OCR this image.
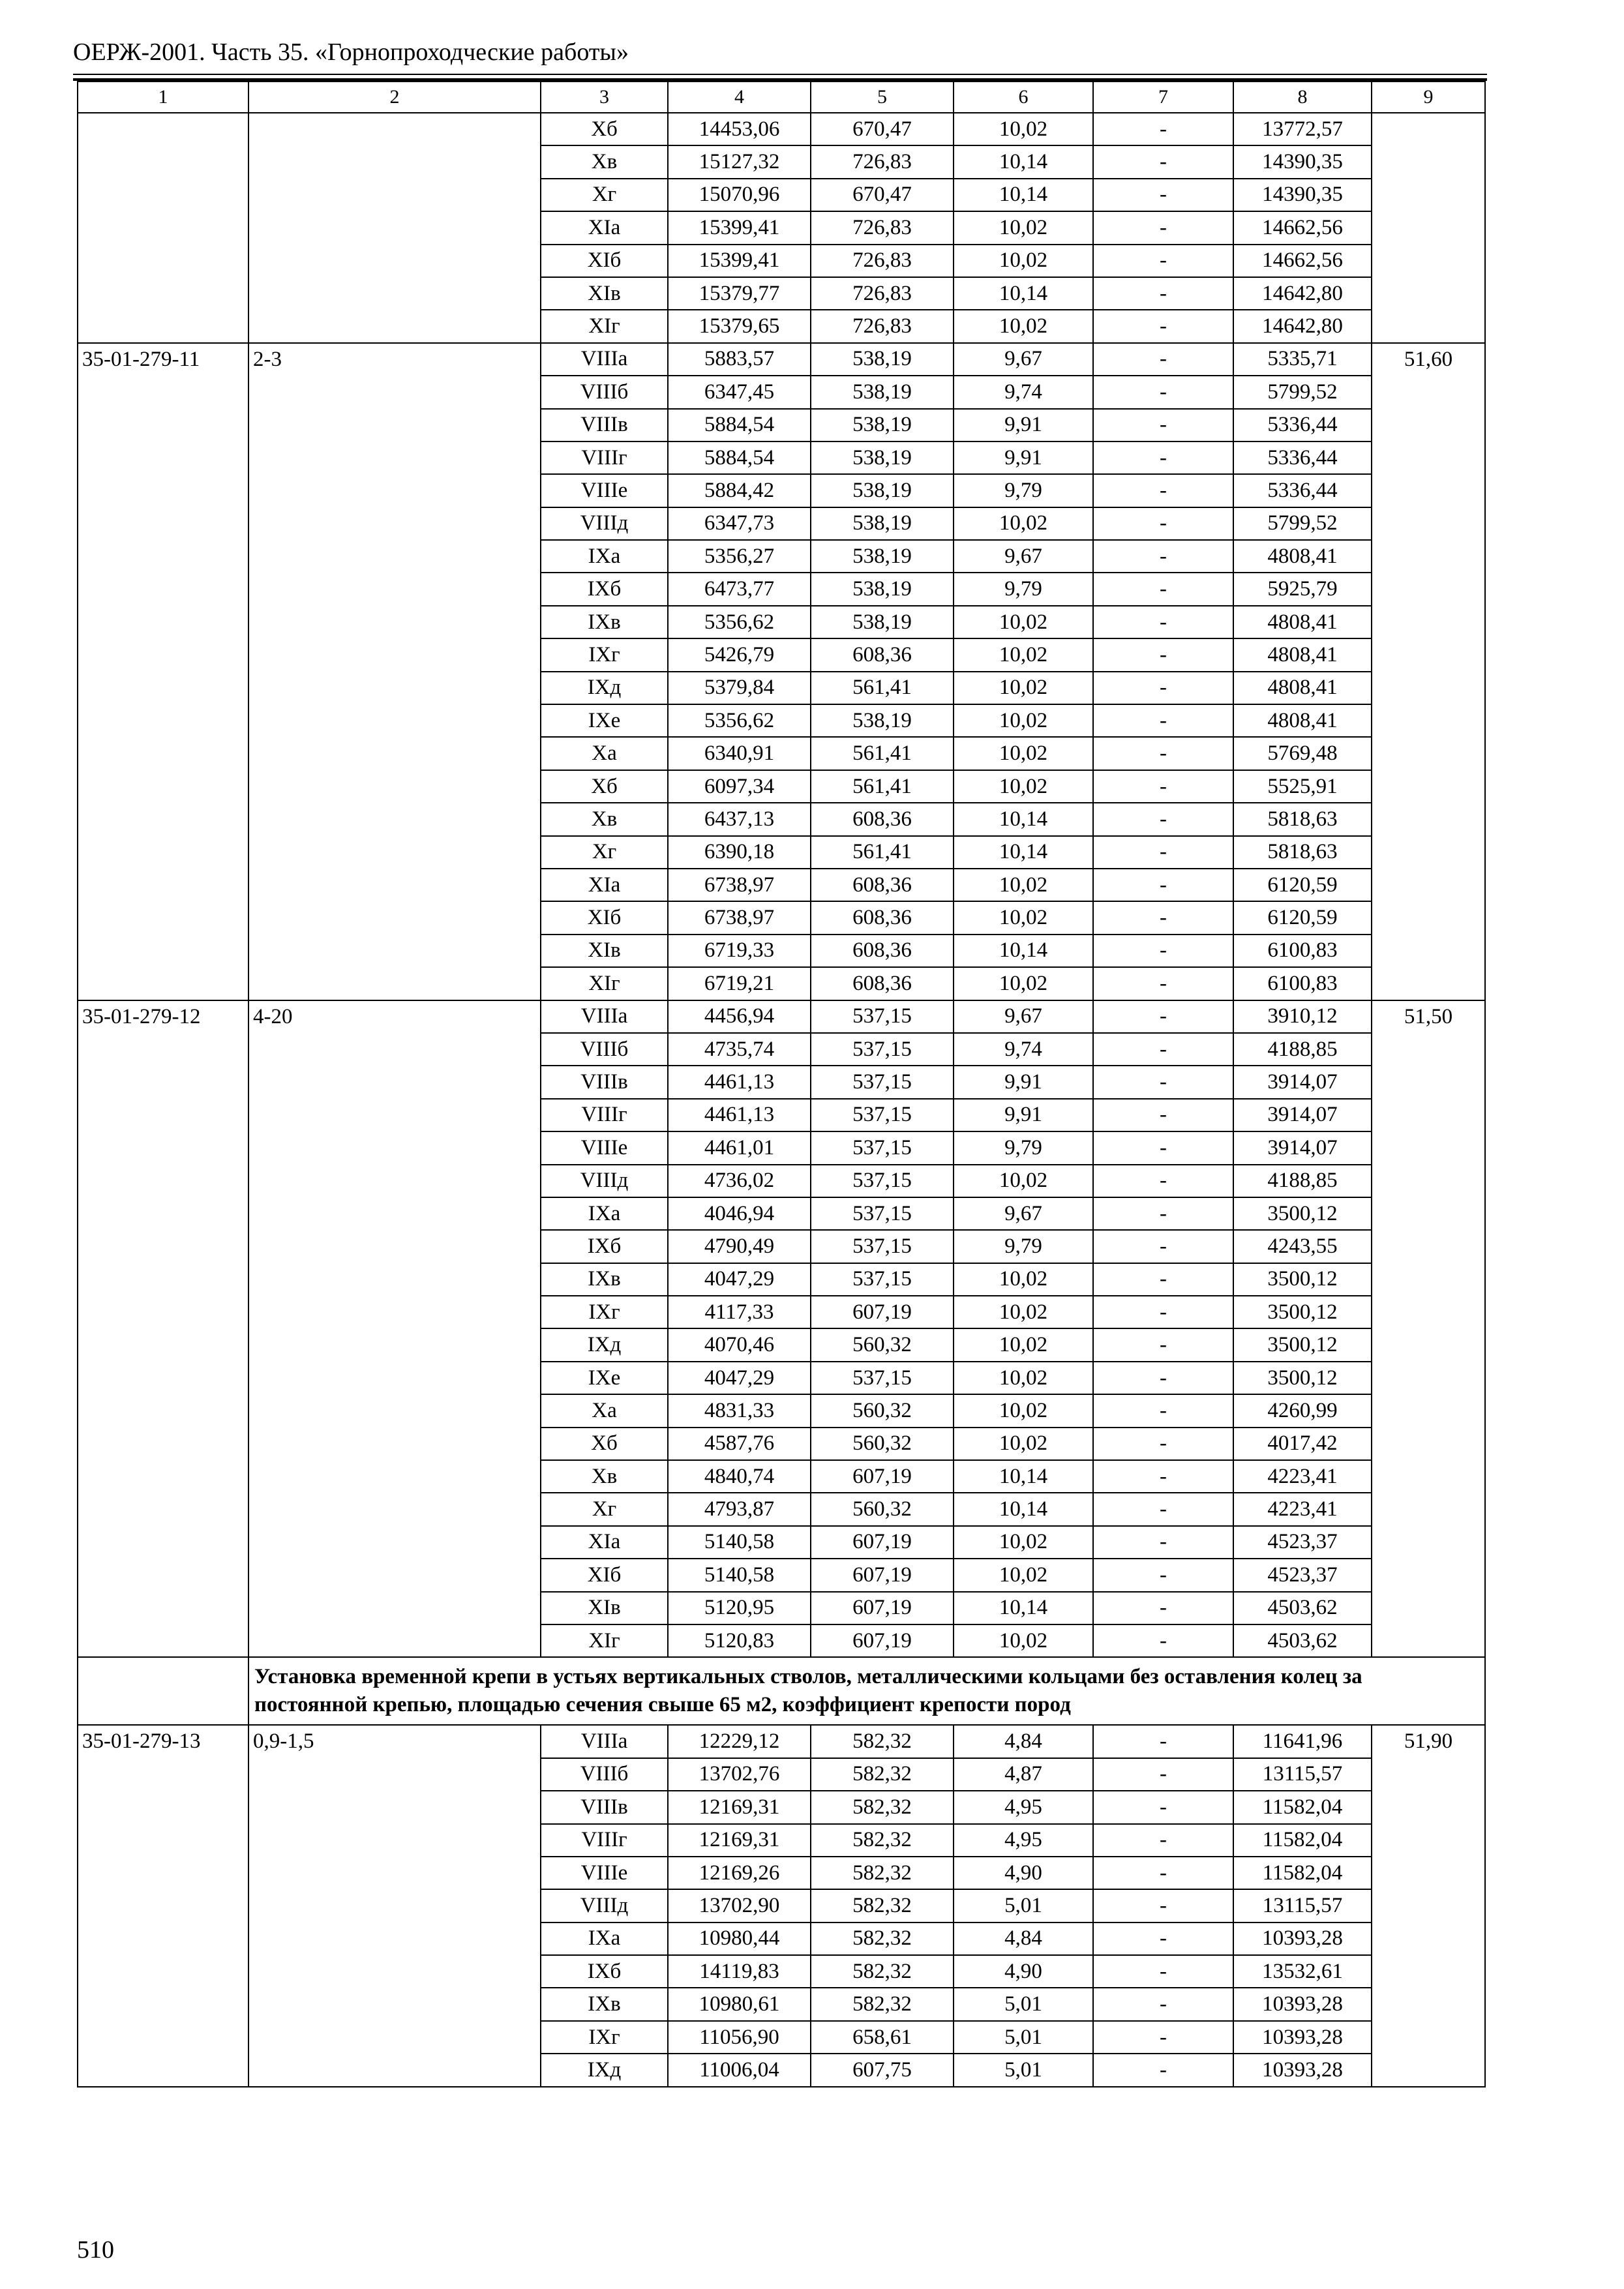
ОЕРЖ-2001. Часть 35. «Горнопроходческие работы»
1	2	3	4	5	6	7	8	9
		Хб	14453,06	670,47	10,02	-	13772,57	
		Хв	15127,32	726,83	10,14	-	14390,35	
		Хг	15070,96	670,47	10,14	-	14390,35	
		ХIа	15399,41	726,83	10,02	-	14662,56	
		ХIб	15399,41	726,83	10,02	-	14662,56	
		ХIв	15379,77	726,83	10,14	-	14642,80	
		ХIг	15379,65	726,83	10,02	-	14642,80	
35-01-279-11	2-3	VIIIа	5883,57	538,19	9,67	-	5335,71	51,60
		VIIIб	6347,45	538,19	9,74	-	5799,52	
		VIIIв	5884,54	538,19	9,91	-	5336,44	
		VIIIг	5884,54	538,19	9,91	-	5336,44	
		VIIIе	5884,42	538,19	9,79	-	5336,44	
		VIIIд	6347,73	538,19	10,02	-	5799,52	
		IХа	5356,27	538,19	9,67	-	4808,41	
		IХб	6473,77	538,19	9,79	-	5925,79	
		IХв	5356,62	538,19	10,02	-	4808,41	
		IХг	5426,79	608,36	10,02	-	4808,41	
		IХд	5379,84	561,41	10,02	-	4808,41	
		IХе	5356,62	538,19	10,02	-	4808,41	
		Ха	6340,91	561,41	10,02	-	5769,48	
		Хб	6097,34	561,41	10,02	-	5525,91	
		Хв	6437,13	608,36	10,14	-	5818,63	
		Хг	6390,18	561,41	10,14	-	5818,63	
		ХIа	6738,97	608,36	10,02	-	6120,59	
		ХIб	6738,97	608,36	10,02	-	6120,59	
		ХIв	6719,33	608,36	10,14	-	6100,83	
		ХIг	6719,21	608,36	10,02	-	6100,83	
35-01-279-12	4-20	VIIIа	4456,94	537,15	9,67	-	3910,12	51,50
		VIIIб	4735,74	537,15	9,74	-	4188,85	
		VIIIв	4461,13	537,15	9,91	-	3914,07	
		VIIIг	4461,13	537,15	9,91	-	3914,07	
		VIIIе	4461,01	537,15	9,79	-	3914,07	
		VIIIд	4736,02	537,15	10,02	-	4188,85	
		IХа	4046,94	537,15	9,67	-	3500,12	
		IХб	4790,49	537,15	9,79	-	4243,55	
		IХв	4047,29	537,15	10,02	-	3500,12	
		IХг	4117,33	607,19	10,02	-	3500,12	
		IХд	4070,46	560,32	10,02	-	3500,12	
		IХе	4047,29	537,15	10,02	-	3500,12	
		Ха	4831,33	560,32	10,02	-	4260,99	
		Хб	4587,76	560,32	10,02	-	4017,42	
		Хв	4840,74	607,19	10,14	-	4223,41	
		Хг	4793,87	560,32	10,14	-	4223,41	
		ХIа	5140,58	607,19	10,02	-	4523,37	
		ХIб	5140,58	607,19	10,02	-	4523,37	
		ХIв	5120,95	607,19	10,14	-	4503,62	
		ХIг	5120,83	607,19	10,02	-	4503,62	
	Установка временной крепи в устьях вертикальных стволов, металлическими кольцами без оставления колец за постоянной крепью, площадью сечения свыше 65 м2, коэффициент крепости пород							
35-01-279-13	0,9-1,5	VIIIа	12229,12	582,32	4,84	-	11641,96	51,90
		VIIIб	13702,76	582,32	4,87	-	13115,57	
		VIIIв	12169,31	582,32	4,95	-	11582,04	
		VIIIг	12169,31	582,32	4,95	-	11582,04	
		VIIIе	12169,26	582,32	4,90	-	11582,04	
		VIIIд	13702,90	582,32	5,01	-	13115,57	
		IХа	10980,44	582,32	4,84	-	10393,28	
		IХб	14119,83	582,32	4,90	-	13532,61	
		IХв	10980,61	582,32	5,01	-	10393,28	
		IХг	11056,90	658,61	5,01	-	10393,28	
		IХд	11006,04	607,75	5,01	-	10393,28	
510
